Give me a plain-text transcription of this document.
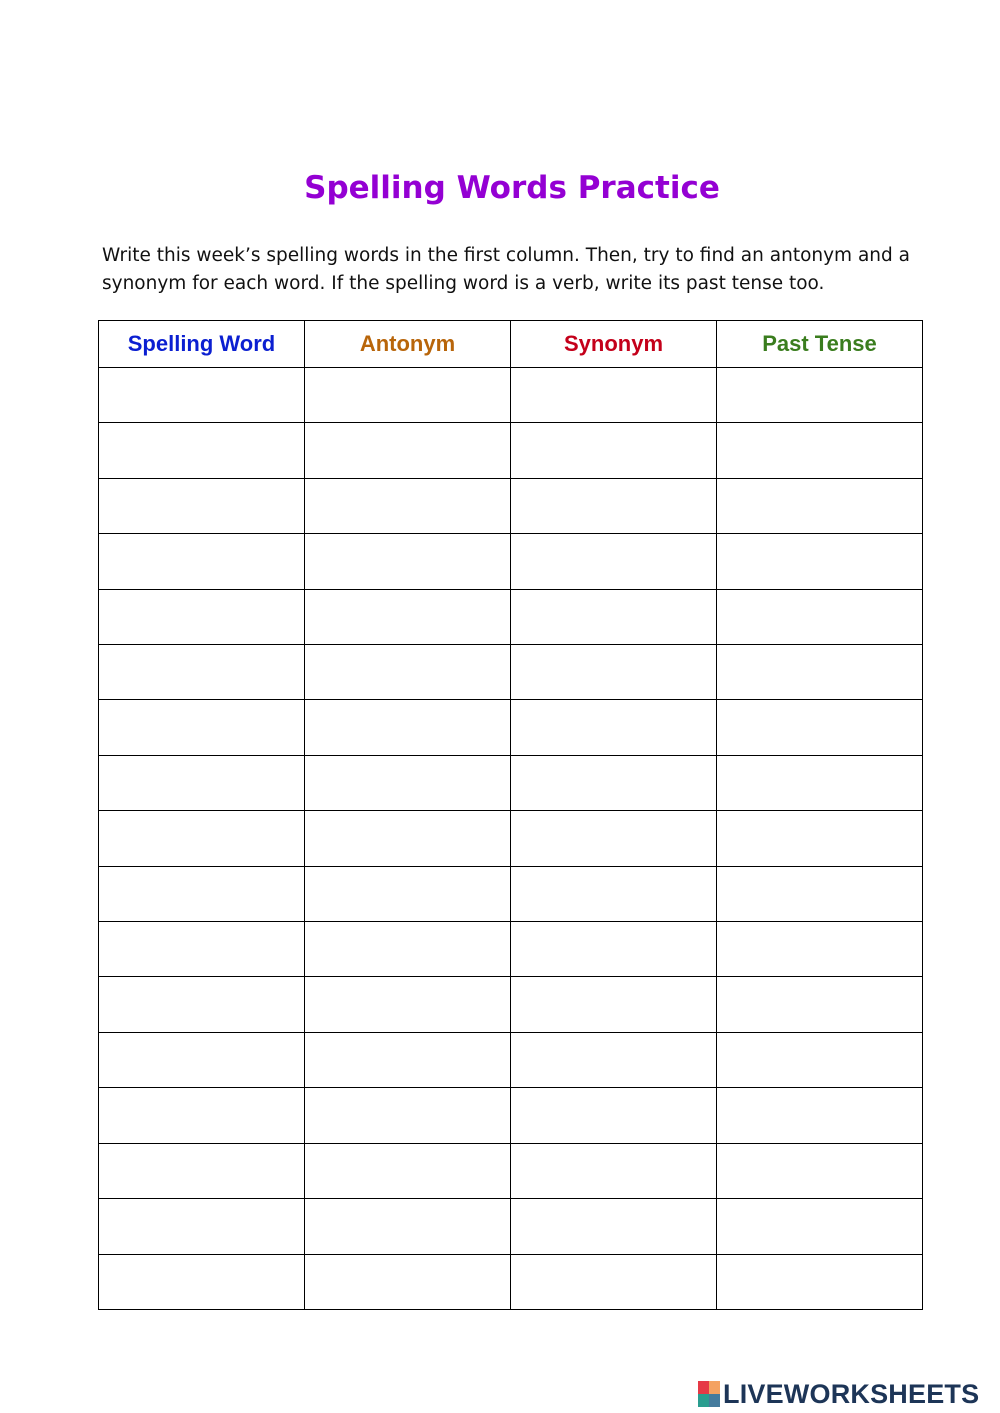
Spelling Words Practice

Write this week’s spelling words in the first column. Then, try to find an antonym and a synonym for each word. If the spelling word is a verb, write its past tense too.

Spelling Word	Antonym	Synonym	Past Tense

LIVEWORKSHEETS
